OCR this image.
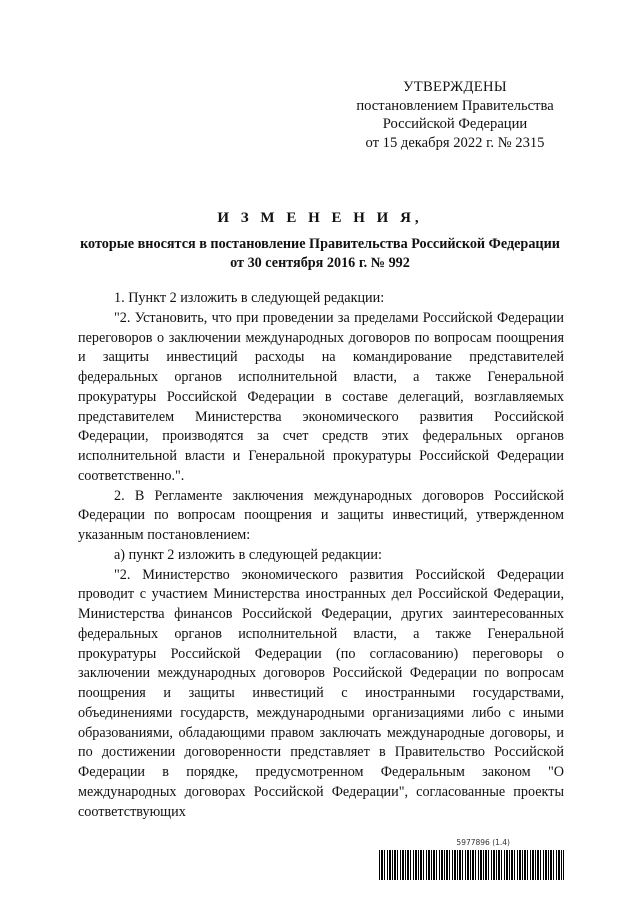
УТВЕРЖДЕНЫ
постановлением Правительства
Российской Федерации
от 15 декабря 2022 г. № 2315
И З М Е Н Е Н И Я,
которые вносятся в постановление Правительства Российской Федерации от 30 сентября 2016 г. № 992

1. Пункт 2 изложить в следующей редакции:

"2. Установить, что при проведении за пределами Российской Федерации переговоров о заключении международных договоров по вопросам поощрения и защиты инвестиций расходы на командирование представителей федеральных органов исполнительной власти, а также Генеральной прокуратуры Российской Федерации в составе делегаций, возглавляемых представителем Министерства экономического развития Российской Федерации, производятся за счет средств этих федеральных органов исполнительной власти и Генеральной прокуратуры Российской Федерации соответственно.".

2. В Регламенте заключения международных договоров Российской Федерации по вопросам поощрения и защиты инвестиций, утвержденном указанным постановлением:

а) пункт 2 изложить в следующей редакции:

"2. Министерство экономического развития Российской Федерации проводит с участием Министерства иностранных дел Российской Федерации, Министерства финансов Российской Федерации, других заинтересованных федеральных органов исполнительной власти, а также Генеральной прокуратуры Российской Федерации (по согласованию) переговоры о заключении международных договоров Российской Федерации по вопросам поощрения и защиты инвестиций с иностранными государствами, объединениями государств, международными организациями либо с иными образованиями, обладающими правом заключать международные договоры, и по достижении договоренности представляет в Правительство Российской Федерации в порядке, предусмотренном Федеральным законом "О международных договорах Российской Федерации", согласованные проекты соответствующих

5977896 (1.4)
